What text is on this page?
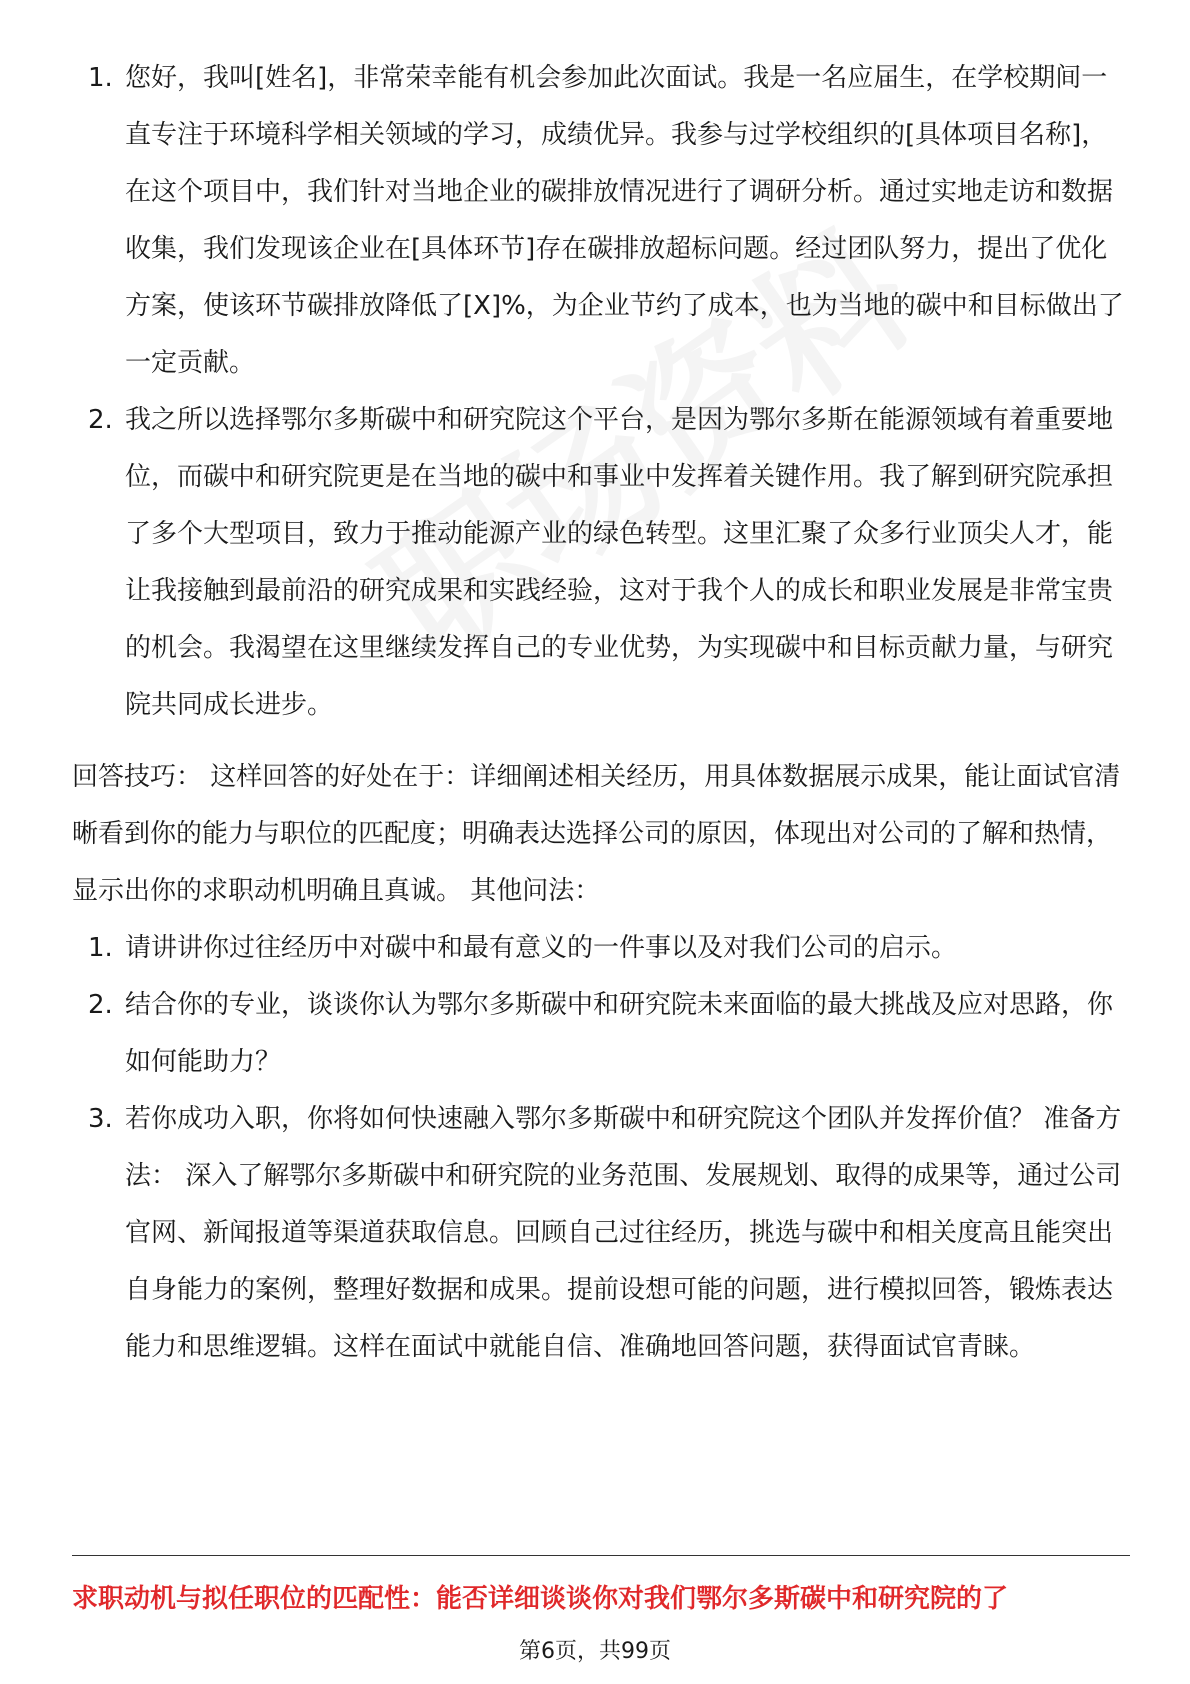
1. 您好，我叫[姓名]，非常荣幸能有机会参加此次面试。我是一名应届生，在学校期间一直专注于环境科学相关领域的学习，成绩优异。我参与过学校组织的[具体项目名称]，在这个项目中，我们针对当地企业的碳排放情况进行了调研分析。通过实地走访和数据收集，我们发现该企业在[具体环节]存在碳排放超标问题。经过团队努力，提出了优化方案，使该环节碳排放降低了[X]%，为企业节约了成本，也为当地的碳中和目标做出了一定贡献。
2. 我之所以选择鄂尔多斯碳中和研究院这个平台，是因为鄂尔多斯在能源领域有着重要地位，而碳中和研究院更是在当地的碳中和事业中发挥着关键作用。我了解到研究院承担了多个大型项目，致力于推动能源产业的绿色转型。这里汇聚了众多行业顶尖人才，能让我接触到最前沿的研究成果和实践经验，这对于我个人的成长和职业发展是非常宝贵的机会。我渴望在这里继续发挥自己的专业优势，为实现碳中和目标贡献力量，与研究院共同成长进步。
回答技巧： 这样回答的好处在于：详细阐述相关经历，用具体数据展示成果，能让面试官清晰看到你的能力与职位的匹配度；明确表达选择公司的原因，体现出对公司的了解和热情，显示出你的求职动机明确且真诚。 其他问法：
1. 请讲讲你过往经历中对碳中和最有意义的一件事以及对我们公司的启示。
2. 结合你的专业，谈谈你认为鄂尔多斯碳中和研究院未来面临的最大挑战及应对思路，你如何能助力？
3. 若你成功入职，你将如何快速融入鄂尔多斯碳中和研究院这个团队并发挥价值？ 准备方法： 深入了解鄂尔多斯碳中和研究院的业务范围、发展规划、取得的成果等，通过公司官网、新闻报道等渠道获取信息。回顾自己过往经历，挑选与碳中和相关度高且能突出自身能力的案例，整理好数据和成果。提前设想可能的问题，进行模拟回答，锻炼表达能力和思维逻辑。这样在面试中就能自信、准确地回答问题，获得面试官青睐。
求职动机与拟任职位的匹配性：能否详细谈谈你对我们鄂尔多斯碳中和研究院的了
第6页，共99页
